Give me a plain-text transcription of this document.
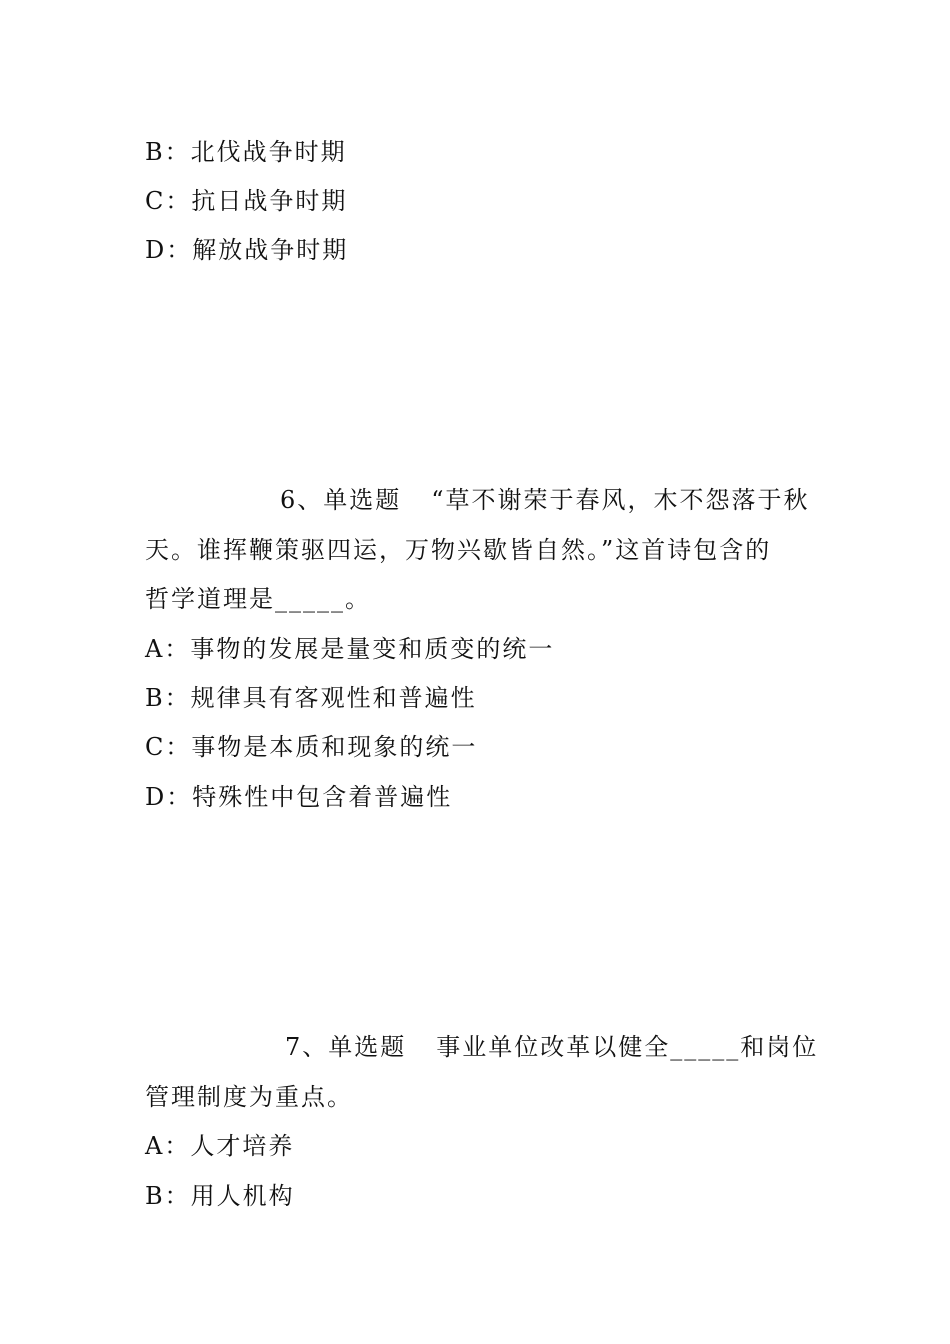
B：北伐战争时期
C：抗日战争时期
D：解放战争时期
6、单选题 “草不谢荣于春风，木不怨落于秋
天。谁挥鞭策驱四运，万物兴歇皆自然。”这首诗包含的
哲学道理是_____。
A：事物的发展是量变和质变的统一
B：规律具有客观性和普遍性
C：事物是本质和现象的统一
D：特殊性中包含着普遍性
7、单选题 事业单位改革以健全_____和岗位
管理制度为重点。
A：人才培养
B：用人机构
